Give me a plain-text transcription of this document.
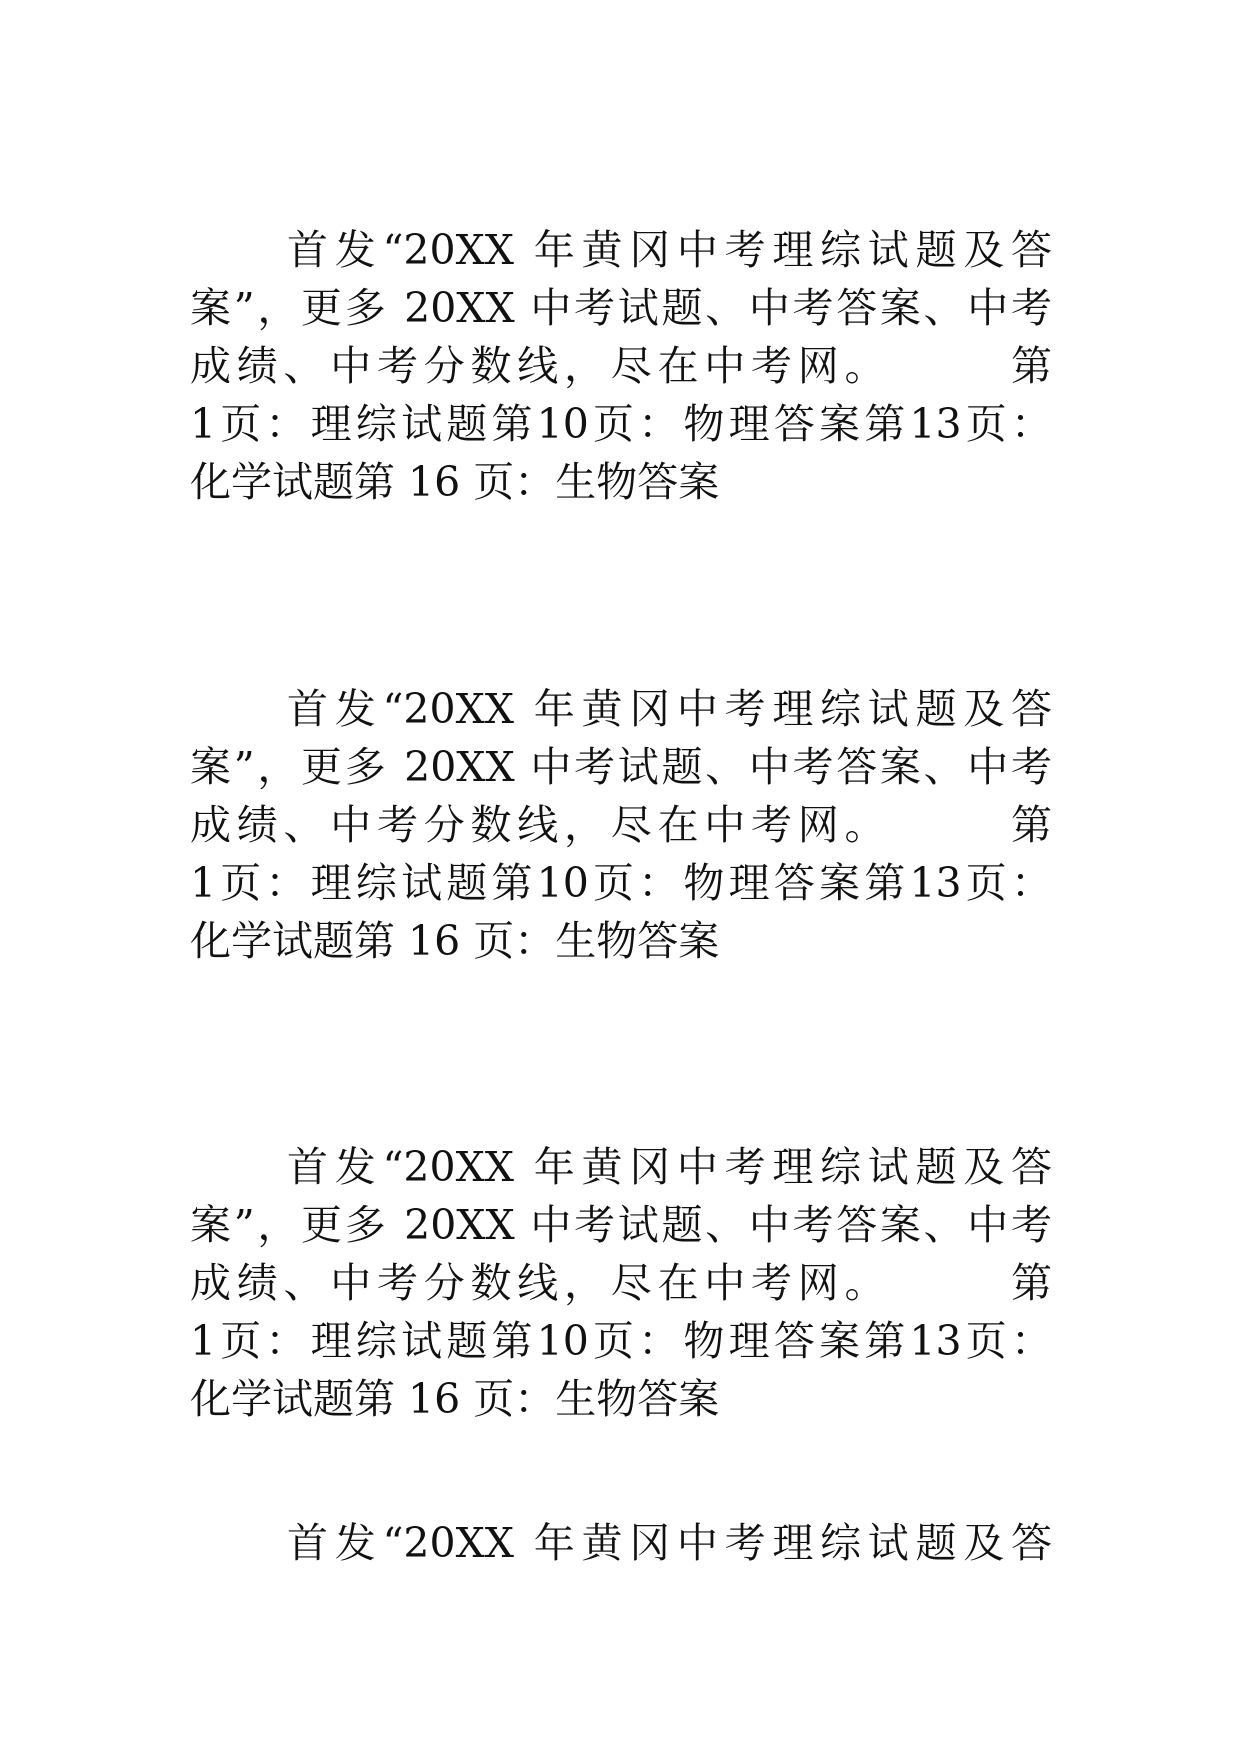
首发“20XX 年黄冈中考理综试题及答
案”，更多 20XX 中考试题、中考答案、中考
成绩、中考分数线，尽在中考网。　　　第
1页：理综试题第10页：物理答案第13页：
化学试题第 16 页：生物答案
首发“20XX 年黄冈中考理综试题及答
案”，更多 20XX 中考试题、中考答案、中考
成绩、中考分数线，尽在中考网。　　　第
1页：理综试题第10页：物理答案第13页：
化学试题第 16 页：生物答案
首发“20XX 年黄冈中考理综试题及答
案”，更多 20XX 中考试题、中考答案、中考
成绩、中考分数线，尽在中考网。　　　第
1页：理综试题第10页：物理答案第13页：
化学试题第 16 页：生物答案
首发“20XX 年黄冈中考理综试题及答
